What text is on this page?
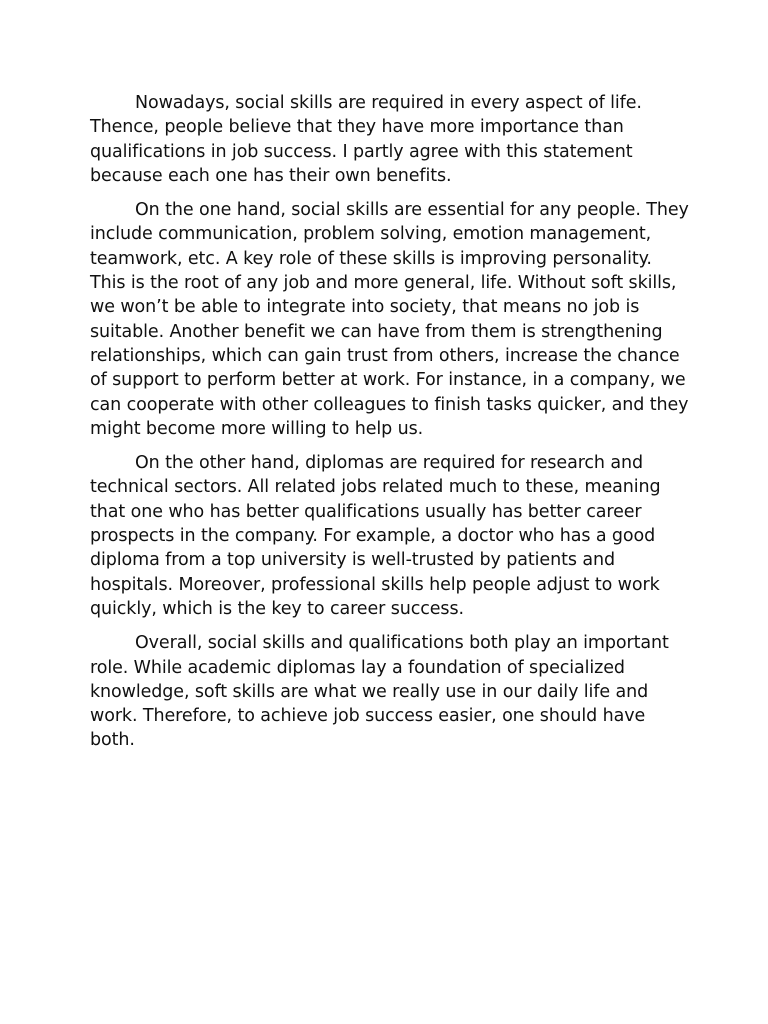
Nowadays, social skills are required in every aspect of life. Thence, people believe that they have more importance than qualifications in job success. I partly agree with this statement because each one has their own benefits.

On the one hand, social skills are essential for any people. They include communication, problem solving, emotion management, teamwork, etc. A key role of these skills is improving personality. This is the root of any job and more general, life. Without soft skills, we won’t be able to integrate into society, that means no job is suitable. Another benefit we can have from them is strengthening relationships, which can gain trust from others, increase the chance of support to perform better at work. For instance, in a company, we can cooperate with other colleagues to finish tasks quicker, and they might become more willing to help us.

On the other hand, diplomas are required for research and technical sectors. All related jobs related much to these, meaning that one who has better qualifications usually has better career prospects in the company. For example, a doctor who has a good diploma from a top university is well-trusted by patients and hospitals. Moreover, professional skills help people adjust to work quickly, which is the key to career success.

Overall, social skills and qualifications both play an important role. While academic diplomas lay a foundation of specialized knowledge, soft skills are what we really use in our daily life and work. Therefore, to achieve job success easier, one should have both.
